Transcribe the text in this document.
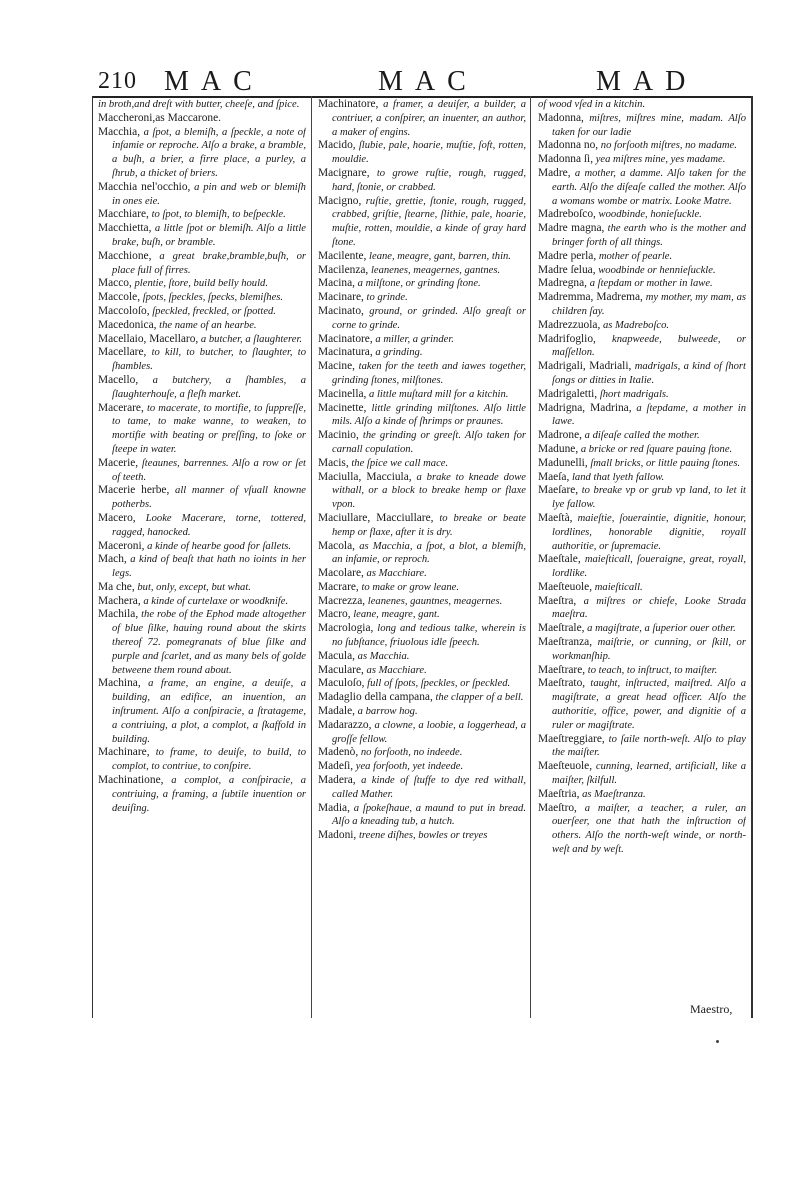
210 MAC	MAC	MAD

in broth,and dreſt with butter, cheeſe, and ſpice.

Maccheroni,as Maccarone.

Macchia, a ſpot, a blemiſh, a ſpeckle, a note of infamie or reproche. Alſo a brake, a bramble, a buſh, a brier, a firre place, a purley, a ſhrub, a thicket of briers.

Macchia nel'occhio, a pin and web or blemiſh in ones eie.

Macchiare, to ſpot, to blemiſh, to beſpeckle.

Macchietta, a little ſpot or blemiſh. Alſo a little brake, buſh, or bramble.

Macchione, a great brake,bramble,buſh, or place full of firres.

Macco, plentie, ſtore, build belly hould.

Maccole, ſpots, ſpeckles, ſpecks, blemiſhes.

Maccoloſo, ſpeckled, freckled, or ſpotted.

Macedonica, the name of an hearbe.

Macellaio, Macellaro, a butcher, a ſlaughterer.

Macellare, to kill, to butcher, to ſlaughter, to ſhambles.

Macello, a butchery, a ſhambles, a ſlaughterhouſe, a fleſh market.

Macerare, to macerate, to mortifie, to ſuppreſſe, to tame, to make wanne, to weaken, to mortifie with beating or preſſing, to ſoke or ſteepe in water.

Macerie, ſteaunes, barrennes. Alſo a row or ſet of teeth.

Macerie herbe, all manner of vſuall knowne potherbs.

Macero, Looke Macerare, torne, tottered, ragged, hanocked.

Maceroni, a kinde of hearbe good for ſallets.

Mach, a kind of beaſt that hath no ioints in her legs.

Ma che, but, only, except, but what.

Machera, a kinde of curtelaxe or woodknife.

Machila, the robe of the Ephod made altogether of blue ſilke, hauing round about the skirts thereof 72. pomegranats of blue ſilke and purple and ſcarlet, and as many bels of golde betweene them round about.

Machina, a frame, an engine, a deuiſe, a building, an edifice, an inuention, an inſtrument. Alſo a conſpiracie, a ſtratageme, a contriuing, a plot, a complot, a ſkaffold in building.

Machinare, to frame, to deuiſe, to build, to complot, to contriue, to conſpire.

Machinatione, a complot, a conſpiracie, a contriuing, a framing, a ſubtile inuention or deuiſing.

Machinatore, a framer, a deuiſer, a builder, a contriuer, a conſpirer, an inuenter, an author, a maker of engins.

Macido, ſlubie, pale, hoarie, muſtie, ſoft, rotten, mouldie.

Macignare, to growe ruſtie, rough, rugged, hard, ſtonie, or crabbed.

Macigno, ruſtie, grettie, ſtonie, rough, rugged, crabbed, griſtie, ſtearne, ſlithie, pale, hoarie, muſtie, rotten, mouldie, a kinde of gray hard ſtone.

Macilente, leane, meagre, gant, barren, thin.

Macilenza, leanenes, meagernes, gantnes.

Macina, a milſtone, or grinding ſtone.

Macinare, to grinde.

Macinato, ground, or grinded. Alſo greaſt or corne to grinde.

Macinatore, a miller, a grinder.

Macinatura, a grinding.

Macine, taken for the teeth and iawes together, grinding ſtones, milſtones.

Macinella, a little muſtard mill for a kitchin.

Macinette, little grinding milſtones. Alſo little mils. Alſo a kinde of ſhrimps or praunes.

Macinio, the grinding or greeſt. Alſo taken for carnall copulation.

Macis, the ſpice we call mace.

Maciulla, Macciula, a brake to kneade dowe withall, or a block to breake hemp or flaxe vpon.

Maciullare, Macciullare, to breake or beate hemp or flaxe, after it is dry.

Macola, as Macchia, a ſpot, a blot, a blemiſh, an infamie, or reproch.

Macolare, as Macchiare.

Macrare, to make or grow leane.

Macrezza, leanenes, gauntnes, meagernes.

Macro, leane, meagre, gant.

Macrologia, long and tedious talke, wherein is no ſubſtance, friuolous idle ſpeech.

Macula, as Macchia.

Maculare, as Macchiare.

Maculoſo, full of ſpots, ſpeckles, or ſpeckled.

Madaglio della campana, the clapper of a bell.

Madale, a barrow hog.

Madarazzo, a clowne, a loobie, a loggerhead, a groſſe fellow.

Madenò, no forſooth, no indeede.

Madeſi, yea forſooth, yet indeede.

Madera, a kinde of ſtuffe to dye red withall, called Mather.

Madia, a ſpokeſhaue, a maund to put in bread. Alſo a kneading tub, a hutch.

Madoni, treene diſhes, bowles or treyes

of wood vſed in a kitchin.

Madonna, miſtres, miſtres mine, madam. Alſo taken for our ladie

Madonna no, no forſooth miſtres, no madame.

Madonna ſi, yea miſtres mine, yes madame.

Madre, a mother, a damme. Alſo taken for the earth. Alſo the diſeaſe called the mother. Alſo a womans wombe or matrix. Looke Matre.

Madreboſco, woodbinde, honieſuckle.

Madre magna, the earth who is the mother and bringer forth of all things.

Madre perla, mother of pearle.

Madre ſelua, woodbinde or hennieſuckle.

Madregna, a ſtepdam or mother in lawe.

Madremma, Madrema, my mother, my mam, as children ſay.

Madrezzuola, as Madreboſco.

Madrifoglio, knapweede, bulweede, or maſſellon.

Madrigali, Madriali, madrigals, a kind of ſhort ſongs or ditties in Italie.

Madrigaletti, ſhort madrigals.

Madrigna, Madrina, a ſtepdame, a mother in lawe.

Madrone, a diſeaſe called the mother.

Madune, a bricke or red ſquare pauing ſtone.

Madunelli, ſmall bricks, or little pauing ſtones.

Maeſa, land that lyeth fallow.

Maeſare, to breake vp or grub vp land, to let it lye fallow.

Maeſtà, maieſtie, ſoueraintie, dignitie, honour, lordlines, honorable dignitie, royall authoritie, or ſupremacie.

Maeſtale, maieſticall, ſoueraigne, great, royall, lordlike.

Maeſteuole, maieſticall.

Maeſtra, a miſtres or chiefe, Looke Strada maeſtra.

Maeſtrale, a magiſtrate, a ſuperior ouer other.

Maeſtranza, maiſtrie, or cunning, or ſkill, or workmanſhip.

Maeſtrare, to teach, to inſtruct, to maiſter.

Maeſtrato, taught, inſtructed, maiſtred. Alſo a magiſtrate, a great head officer. Alſo the authoritie, office, power, and dignitie of a ruler or magiſtrate.

Maeſtreggiare, to ſaile north-weſt. Alſo to play the maiſter.

Maeſteuole, cunning, learned, artificiall, like a maiſter, ſkilfull.

Maeſtria, as Maeſtranza.

Maeſtro, a maiſter, a teacher, a ruler, an ouerſeer, one that hath the inſtruction of others. Alſo the north-weſt winde, or north-weſt and by weſt.

Maestro,
